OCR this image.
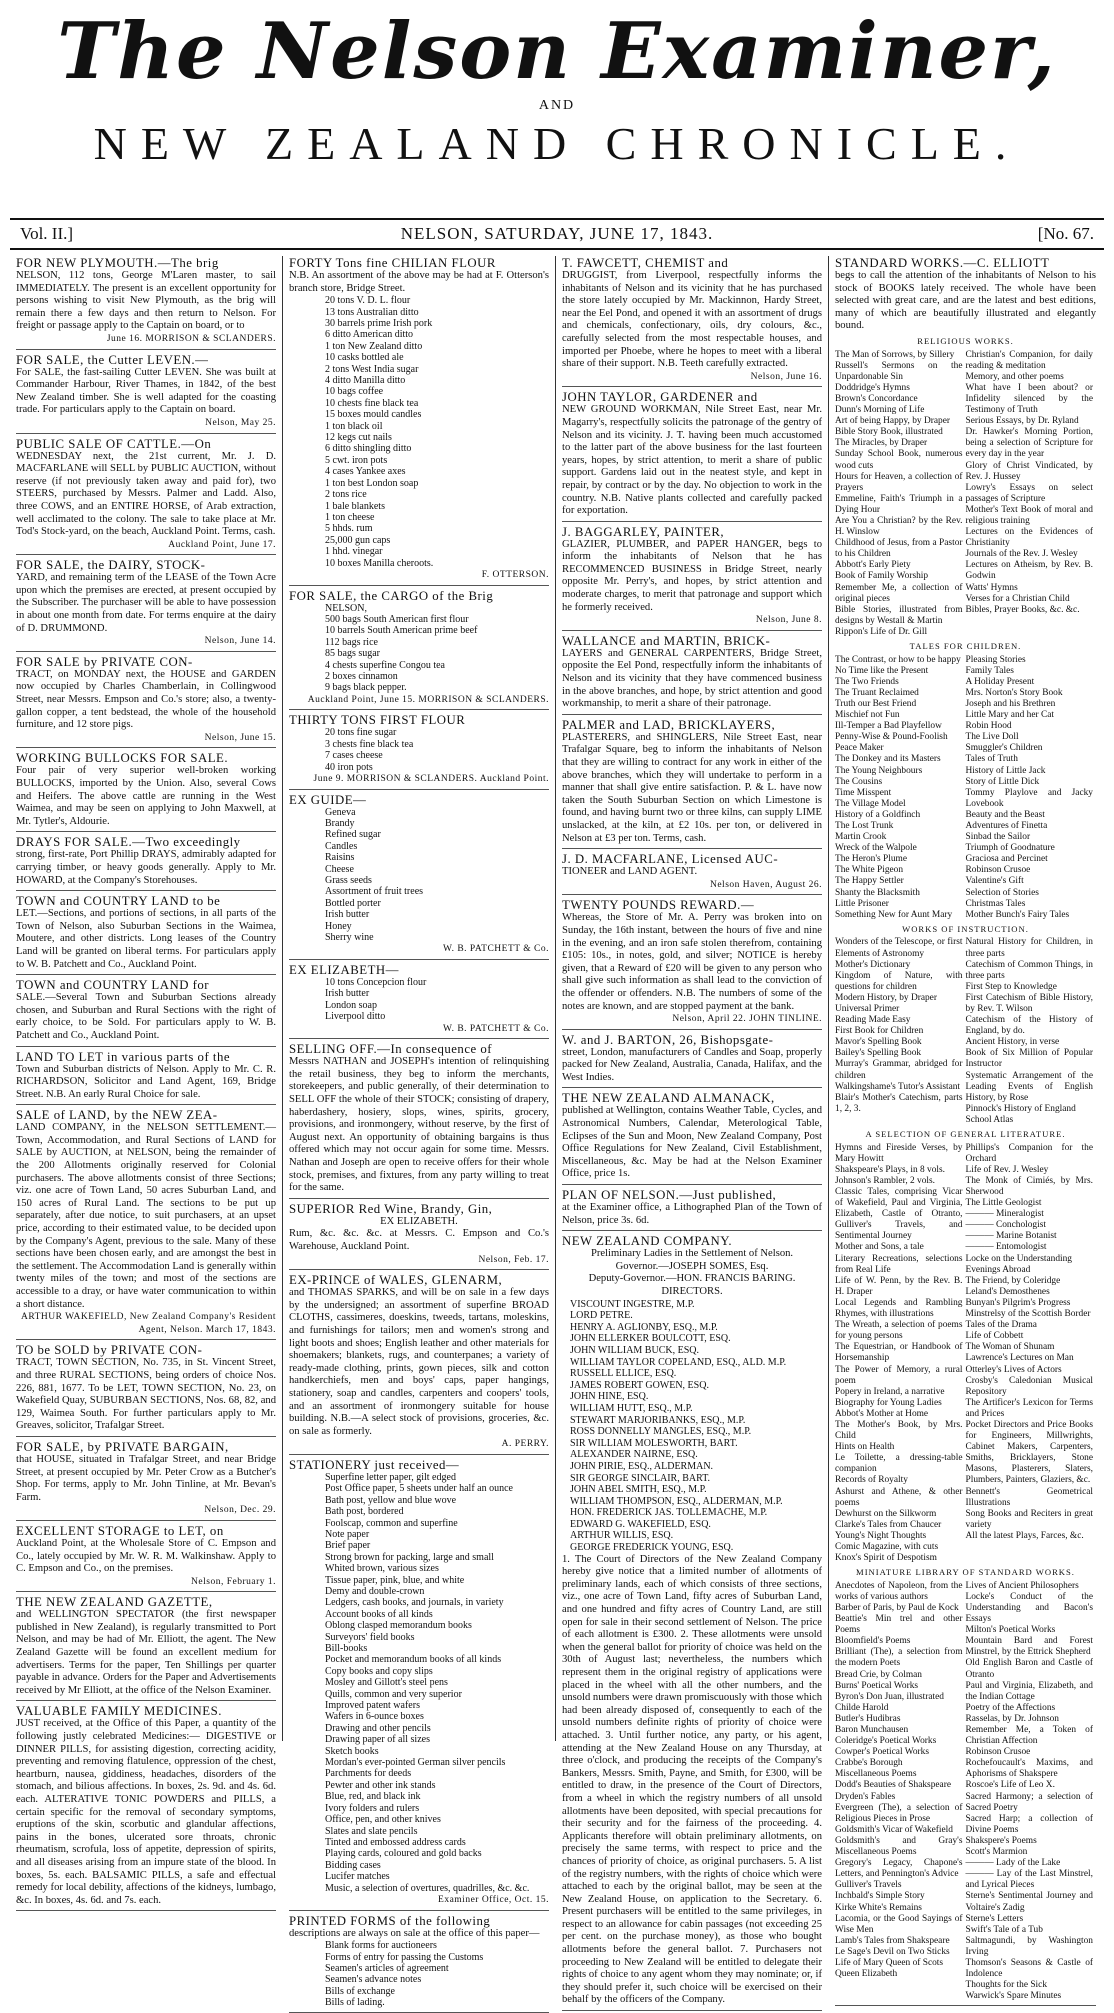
The Nelson Examiner,
AND
NEW ZEALAND CHRONICLE.
Vol. II.]	NELSON, SATURDAY, JUNE 17, 1843.	[No. 67.
FOR NEW PLYMOUTH.—The brig
NELSON, 112 tons, George M'Laren master, to sail IMMEDIATELY. The present is an excellent opportunity for persons wishing to visit New Plymouth, as the brig will remain there a few days and then return to Nelson. For freight or passage apply to the Captain on board, or to
June 16. MORRISON & SCLANDERS.
FOR SALE, the Cutter LEVEN.—
For SALE, the fast-sailing Cutter LEVEN. She was built at Commander Harbour, River Thames, in 1842, of the best New Zealand timber. She is well adapted for the coasting trade. For particulars apply to the Captain on board.
Nelson, May 25.
PUBLIC SALE OF CATTLE.—On
WEDNESDAY next, the 21st current, Mr. J. D. MACFARLANE will SELL by PUBLIC AUCTION, without reserve (if not previously taken away and paid for), two STEERS, purchased by Messrs. Palmer and Ladd. Also, three COWS, and an ENTIRE HORSE, of Arab extraction, well acclimated to the colony. The sale to take place at Mr. Tod's Stock-yard, on the beach, Auckland Point. Terms, cash.
Auckland Point, June 17.
FOR SALE, the DAIRY, STOCK-
YARD, and remaining term of the LEASE of the Town Acre upon which the premises are erected, at present occupied by the Subscriber. The purchaser will be able to have possession in about one month from date. For terms enquire at the dairy of D. DRUMMOND.
Nelson, June 14.
FOR SALE by PRIVATE CON-
TRACT, on MONDAY next, the HOUSE and GARDEN now occupied by Charles Chamberlain, in Collingwood Street, near Messrs. Empson and Co.'s store; also, a twenty-gallon copper, a tent bedstead, the whole of the household furniture, and 12 store pigs.
Nelson, June 15.
WORKING BULLOCKS FOR SALE.
Four pair of very superior well-broken working BULLOCKS, imported by the Union. Also, several Cows and Heifers. The above cattle are running in the West Waimea, and may be seen on applying to John Maxwell, at Mr. Tytler's, Aldourie.
DRAYS FOR SALE.—Two exceedingly
strong, first-rate, Port Phillip DRAYS, admirably adapted for carrying timber, or heavy goods generally. Apply to Mr. HOWARD, at the Company's Storehouses.
TOWN and COUNTRY LAND to be
LET.—Sections, and portions of sections, in all parts of the Town of Nelson, also Suburban Sections in the Waimea, Moutere, and other districts. Long leases of the Country Land will be granted on liberal terms. For particulars apply to W. B. Patchett and Co., Auckland Point.
TOWN and COUNTRY LAND for
SALE.—Several Town and Suburban Sections already chosen, and Suburban and Rural Sections with the right of early choice, to be Sold. For particulars apply to W. B. Patchett and Co., Auckland Point.
LAND TO LET in various parts of the
Town and Suburban districts of Nelson. Apply to Mr. C. R. RICHARDSON, Solicitor and Land Agent, 169, Bridge Street. N.B. An early Rural Choice for sale.
SALE of LAND, by the NEW ZEA-
LAND COMPANY, in the NELSON SETTLEMENT.—Town, Accommodation, and Rural Sections of LAND for SALE by AUCTION, at NELSON, being the remainder of the 200 Allotments originally reserved for Colonial purchasers. The above allotments consist of three Sections; viz. one acre of Town Land, 50 acres Suburban Land, and 150 acres of Rural Land. The sections to be put up separately, after due notice, to suit purchasers, at an upset price, according to their estimated value, to be decided upon by the Company's Agent, previous to the sale. Many of these sections have been chosen early, and are amongst the best in the settlement. The Accommodation Land is generally within twenty miles of the town; and most of the sections are accessible to a dray, or have water communication to within a short distance.
ARTHUR WAKEFIELD, New Zealand Company's Resident Agent, Nelson. March 17, 1843.
TO be SOLD by PRIVATE CON-
TRACT, TOWN SECTION, No. 735, in St. Vincent Street, and three RURAL SECTIONS, being orders of choice Nos. 226, 881, 1677. To be LET, TOWN SECTION, No. 23, on Wakefield Quay, SUBURBAN SECTIONS, Nos. 68, 82, and 129, Waimea South. For further particulars apply to Mr. Greaves, solicitor, Trafalgar Street.
FOR SALE, by PRIVATE BARGAIN,
that HOUSE, situated in Trafalgar Street, and near Bridge Street, at present occupied by Mr. Peter Crow as a Butcher's Shop. For terms, apply to Mr. John Tinline, at Mr. Bevan's Farm.
Nelson, Dec. 29.
EXCELLENT STORAGE to LET, on
Auckland Point, at the Wholesale Store of C. Empson and Co., lately occupied by Mr. W. R. M. Walkinshaw. Apply to C. Empson and Co., on the premises.
Nelson, February 1.
THE NEW ZEALAND GAZETTE,
and WELLINGTON SPECTATOR (the first newspaper published in New Zealand), is regularly transmitted to Port Nelson, and may be had of Mr. Elliott, the agent. The New Zealand Gazette will be found an excellent medium for advertisers. Terms for the paper, Ten Shillings per quarter payable in advance. Orders for the Paper and Advertisements received by Mr Elliott, at the office of the Nelson Examiner.
VALUABLE FAMILY MEDICINES.
JUST received, at the Office of this Paper, a quantity of the following justly celebrated Medicines:— DIGESTIVE or DINNER PILLS, for assisting digestion, correcting acidity, preventing and removing flatulence, oppression of the chest, heartburn, nausea, giddiness, headaches, disorders of the stomach, and bilious affections. In boxes, 2s. 9d. and 4s. 6d. each. ALTERATIVE TONIC POWDERS and PILLS, a certain specific for the removal of secondary symptoms, eruptions of the skin, scorbutic and glandular affections, pains in the bones, ulcerated sore throats, chronic rheumatism, scrofula, loss of appetite, depression of spirits, and all diseases arising from an impure state of the blood. In boxes, 5s. each. BALSAMIC PILLS, a safe and effectual remedy for local debility, affections of the kidneys, lumbago, &c. In boxes, 4s. 6d. and 7s. each.
FORTY Tons fine CHILIAN FLOUR
N.B. An assortment of the above may be had at F. Otterson's branch store, Bridge Street.
20 tons V. D. L. flour
13 tons Australian ditto
30 barrels prime Irish pork
6 ditto American ditto
1 ton New Zealand ditto
10 casks bottled ale
2 tons West India sugar
4 ditto Manilla ditto
10 bags coffee
10 chests fine black tea
15 boxes mould candles
1 ton black oil
12 kegs cut nails
6 ditto shingling ditto
5 cwt. iron pots
4 cases Yankee axes
1 ton best London soap
2 tons rice
1 bale blankets
1 ton cheese
5 hhds. rum
25,000 gun caps
1 hhd. vinegar
10 boxes Manilla cheroots.
F. OTTERSON.
FOR SALE, the CARGO of the Brig
NELSON,
500 bags South American first flour
10 barrels South American prime beef
112 bags rice
85 bags sugar
4 chests superfine Congou tea
2 boxes cinnamon
9 bags black pepper.
Auckland Point, June 15. MORRISON & SCLANDERS.
THIRTY TONS FIRST FLOUR
20 tons fine sugar
3 chests fine black tea
7 cases cheese
40 iron pots
June 9. MORRISON & SCLANDERS. Auckland Point.
EX GUIDE—
Geneva
Brandy
Refined sugar
Candles
Raisins
Cheese
Grass seeds
Assortment of fruit trees
Bottled porter
Irish butter
Honey
Sherry wine
W. B. PATCHETT & Co.
EX ELIZABETH—
10 tons Concepcion flour
Irish butter
London soap
Liverpool ditto
W. B. PATCHETT & Co.
SELLING OFF.—In consequence of
Messrs NATHAN and JOSEPH's intention of relinquishing the retail business, they beg to inform the merchants, storekeepers, and public generally, of their determination to SELL OFF the whole of their STOCK; consisting of drapery, haberdashery, hosiery, slops, wines, spirits, grocery, provisions, and ironmongery, without reserve, by the first of August next. An opportunity of obtaining bargains is thus offered which may not occur again for some time. Messrs. Nathan and Joseph are open to receive offers for their whole stock, premises, and fixtures, from any party willing to treat for the same.
SUPERIOR Red Wine, Brandy, Gin,
EX ELIZABETH.
Rum, &c. &c. &c. at Messrs. C. Empson and Co.'s Warehouse, Auckland Point.
Nelson, Feb. 17.
EX-PRINCE of WALES, GLENARM,
and THOMAS SPARKS, and will be on sale in a few days by the undersigned; an assortment of superfine BROAD CLOTHS, cassimeres, doeskins, tweeds, tartans, moleskins, and furnishings for tailors; men and women's strong and light boots and shoes; English leather and other materials for shoemakers; blankets, rugs, and counterpanes; a variety of ready-made clothing, prints, gown pieces, silk and cotton handkerchiefs, men and boys' caps, paper hangings, stationery, soap and candles, carpenters and coopers' tools, and an assortment of ironmongery suitable for house building. N.B.—A select stock of provisions, groceries, &c. on sale as formerly.
A. PERRY.
STATIONERY just received—
Superfine letter paper, gilt edged
Post Office paper, 5 sheets under half an ounce
Bath post, yellow and blue wove
Bath post, bordered
Foolscap, common and superfine
Note paper
Brief paper
Strong brown for packing, large and small
Whited brown, various sizes
Tissue paper, pink, blue, and white
Demy and double-crown
Ledgers, cash books, and journals, in variety
Account books of all kinds
Oblong clasped memorandum books
Surveyors' field books
Bill-books
Pocket and memorandum books of all kinds
Copy books and copy slips
Mosley and Gillott's steel pens
Quills, common and very superior
Improved patent wafers
Wafers in 6-ounce boxes
Drawing and other pencils
Drawing paper of all sizes
Sketch books
Mordan's ever-pointed German silver pencils
Parchments for deeds
Pewter and other ink stands
Blue, red, and black ink
Ivory folders and rulers
Office, pen, and other knives
Slates and slate pencils
Tinted and embossed address cards
Playing cards, coloured and gold backs
Bidding cases
Lucifer matches
Music, a selection of overtures, quadrilles, &c. &c.
Examiner Office, Oct. 15.
PRINTED FORMS of the following
descriptions are always on sale at the office of this paper—
Blank forms for auctioneers
Forms of entry for passing the Customs
Seamen's articles of agreement
Seamen's advance notes
Bills of exchange
Bills of lading.
T. FAWCETT, CHEMIST and
DRUGGIST, from Liverpool, respectfully informs the inhabitants of Nelson and its vicinity that he has purchased the store lately occupied by Mr. Mackinnon, Hardy Street, near the Eel Pond, and opened it with an assortment of drugs and chemicals, confectionary, oils, dry colours, &c., carefully selected from the most respectable houses, and imported per Phoebe, where he hopes to meet with a liberal share of their support. N.B. Teeth carefully extracted.
Nelson, June 16.
JOHN TAYLOR, GARDENER and
NEW GROUND WORKMAN, Nile Street East, near Mr. Magarry's, respectfully solicits the patronage of the gentry of Nelson and its vicinity. J. T. having been much accustomed to the latter part of the above business for the last fourteen years, hopes, by strict attention, to merit a share of public support. Gardens laid out in the neatest style, and kept in repair, by contract or by the day. No objection to work in the country. N.B. Native plants collected and carefully packed for exportation.
J. BAGGARLEY, PAINTER,
GLAZIER, PLUMBER, and PAPER HANGER, begs to inform the inhabitants of Nelson that he has RECOMMENCED BUSINESS in Bridge Street, nearly opposite Mr. Perry's, and hopes, by strict attention and moderate charges, to merit that patronage and support which he formerly received.
Nelson, June 8.
WALLANCE and MARTIN, BRICK-
LAYERS and GENERAL CARPENTERS, Bridge Street, opposite the Eel Pond, respectfully inform the inhabitants of Nelson and its vicinity that they have commenced business in the above branches, and hope, by strict attention and good workmanship, to merit a share of their patronage.
PALMER and LAD, BRICKLAYERS,
PLASTERERS, and SHINGLERS, Nile Street East, near Trafalgar Square, beg to inform the inhabitants of Nelson that they are willing to contract for any work in either of the above branches, which they will undertake to perform in a manner that shall give entire satisfaction. P. & L. have now taken the South Suburban Section on which Limestone is found, and having burnt two or three kilns, can supply LIME unslacked, at the kiln, at £2 10s. per ton, or delivered in Nelson at £3 per ton. Terms, cash.
J. D. MACFARLANE, Licensed AUC-
TIONEER and LAND AGENT.
Nelson Haven, August 26.
TWENTY POUNDS REWARD.—
Whereas, the Store of Mr. A. Perry was broken into on Sunday, the 16th instant, between the hours of five and nine in the evening, and an iron safe stolen therefrom, containing £105: 10s., in notes, gold, and silver; NOTICE is hereby given, that a Reward of £20 will be given to any person who shall give such information as shall lead to the conviction of the offender or offenders. N.B. The numbers of some of the notes are known, and are stopped payment at the bank.
Nelson, April 22. JOHN TINLINE.
W. and J. BARTON, 26, Bishopsgate-
street, London, manufacturers of Candles and Soap, properly packed for New Zealand, Australia, Canada, Halifax, and the West Indies.
THE NEW ZEALAND ALMANACK,
published at Wellington, contains Weather Table, Cycles, and Astronomical Numbers, Calendar, Meterological Table, Eclipses of the Sun and Moon, New Zealand Company, Post Office Regulations for New Zealand, Civil Establishment, Miscellaneous, &c. May be had at the Nelson Examiner Office, price 1s.
PLAN OF NELSON.—Just published,
at the Examiner office, a Lithographed Plan of the Town of Nelson, price 3s. 6d.
NEW ZEALAND COMPANY.
Preliminary Ladies in the Settlement of Nelson.
Governor.—JOSEPH SOMES, Esq.
Deputy-Governor.—HON. FRANCIS BARING.
DIRECTORS.
VISCOUNT INGESTRE, M.P.
LORD PETRE.
HENRY A. AGLIONBY, ESQ., M.P.
JOHN ELLERKER BOULCOTT, ESQ.
JOHN WILLIAM BUCK, ESQ.
WILLIAM TAYLOR COPELAND, ESQ., ALD. M.P.
RUSSELL ELLICE, ESQ.
JAMES ROBERT GOWEN, ESQ.
JOHN HINE, ESQ.
WILLIAM HUTT, ESQ., M.P.
STEWART MARJORIBANKS, ESQ., M.P.
ROSS DONNELLY MANGLES, ESQ., M.P.
SIR WILLIAM MOLESWORTH, BART.
ALEXANDER NAIRNE, ESQ.
JOHN PIRIE, ESQ., ALDERMAN.
SIR GEORGE SINCLAIR, BART.
JOHN ABEL SMITH, ESQ., M.P.
WILLIAM THOMPSON, ESQ., ALDERMAN, M.P.
HON. FREDERICK JAS. TOLLEMACHE, M.P.
EDWARD G. WAKEFIELD, ESQ.
ARTHUR WILLIS, ESQ.
GEORGE FREDERICK YOUNG, ESQ.
1. The Court of Directors of the New Zealand Company hereby give notice that a limited number of allotments of preliminary lands, each of which consists of three sections, viz., one acre of Town Land, fifty acres of Suburban Land, and one hundred and fifty acres of Country Land, are still open for sale in their second settlement of Nelson. The price of each allotment is £300. 2. These allotments were unsold when the general ballot for priority of choice was held on the 30th of August last; nevertheless, the numbers which represent them in the original registry of applications were placed in the wheel with all the other numbers, and the unsold numbers were drawn promiscuously with those which had been already disposed of, consequently to each of the unsold numbers definite rights of priority of choice were attached. 3. Until further notice, any party, or his agent, attending at the New Zealand House on any Thursday, at three o'clock, and producing the receipts of the Company's Bankers, Messrs. Smith, Payne, and Smith, for £300, will be entitled to draw, in the presence of the Court of Directors, from a wheel in which the registry numbers of all unsold allotments have been deposited, with special precautions for their security and for the fairness of the proceeding. 4. Applicants therefore will obtain preliminary allotments, on precisely the same terms, with respect to price and the chances of priority of choice, as original purchasers. 5. A list of the registry numbers, with the rights of choice which were attached to each by the original ballot, may be seen at the New Zealand House, on application to the Secretary. 6. Present purchasers will be entitled to the same privileges, in respect to an allowance for cabin passages (not exceeding 25 per cent. on the purchase money), as those who bought allotments before the general ballot. 7. Purchasers not proceeding to New Zealand will be entitled to delegate their rights of choice to any agent whom they may nominate; or, if they should prefer it, such choice will be exercised on their behalf by the officers of the Company.
STANDARD WORKS.—C. ELLIOTT
begs to call the attention of the inhabitants of Nelson to his stock of BOOKS lately received. The whole have been selected with great care, and are the latest and best editions, many of which are beautifully illustrated and elegantly bound.
RELIGIOUS WORKS.
The Man of Sorrows, by Sillery
Russell's Sermons on the Unpardonable Sin
Doddridge's Hymns
Brown's Concordance
Dunn's Morning of Life
Art of being Happy, by Draper
Bible Story Book, illustrated
The Miracles, by Draper
Sunday School Book, numerous wood cuts
Hours for Heaven, a collection of Prayers
Emmeline, Faith's Triumph in a Dying Hour
Are You a Christian? by the Rev. H. Winslow
Childhood of Jesus, from a Pastor to his Children
Abbott's Early Piety
Book of Family Worship
Remember Me, a collection of original pieces
Bible Stories, illustrated from designs by Westall & Martin
Rippon's Life of Dr. Gill
Christian's Companion, for daily reading & meditation
Memory, and other poems
What have I been about? or Infidelity silenced by the Testimony of Truth
Serious Essays, by Dr. Ryland
Dr. Hawker's Morning Portion, being a selection of Scripture for every day in the year
Glory of Christ Vindicated, by Rev. J. Hussey
Lowry's Essays on select passages of Scripture
Mother's Text Book of moral and religious training
Lectures on the Evidences of Christianity
Journals of the Rev. J. Wesley
Lectures on Atheism, by Rev. B. Godwin
Watts' Hymns
Verses for a Christian Child
Bibles, Prayer Books, &c. &c.
TALES FOR CHILDREN.
The Contrast, or how to be happy
No Time like the Present
The Two Friends
The Truant Reclaimed
Truth our Best Friend
Mischief not Fun
Ill-Temper a Bad Playfellow
Penny-Wise & Pound-Foolish
Peace Maker
The Donkey and its Masters
The Young Neighbours
The Cousins
Time Misspent
The Village Model
History of a Goldfinch
The Lost Trunk
Martin Crook
Wreck of the Walpole
The Heron's Plume
The White Pigeon
The Happy Settler
Shanty the Blacksmith
Little Prisoner
Something New for Aunt Mary
Pleasing Stories
Family Tales
A Holiday Present
Mrs. Norton's Story Book
Joseph and his Brethren
Little Mary and her Cat
Robin Hood
The Live Doll
Smuggler's Children
Tales of Truth
History of Little Jack
Story of Little Dick
Tommy Playlove and Jacky Lovebook
Beauty and the Beast
Adventures of Finetta
Sinbad the Sailor
Triumph of Goodnature
Graciosa and Percinet
Robinson Crusoe
Valentine's Gift
Selection of Stories
Christmas Tales
Mother Bunch's Fairy Tales
WORKS OF INSTRUCTION.
Wonders of the Telescope, or first Elements of Astronomy
Mother's Dictionary
Kingdom of Nature, with questions for children
Modern History, by Draper
Universal Primer
Reading Made Easy
First Book for Children
Mavor's Spelling Book
Bailey's Spelling Book
Murray's Grammar, abridged for children
Walkingshame's Tutor's Assistant
Blair's Mother's Catechism, parts 1, 2, 3.
Natural History for Children, in three parts
Catechism of Common Things, in three parts
First Step to Knowledge
First Catechism of Bible History, by Rev. T. Wilson
Catechism of the History of England, by do.
Ancient History, in verse
Book of Six Million of Popular Instructor
Systematic Arrangement of the Leading Events of English History, by Rose
Pinnock's History of England
School Atlas
A SELECTION OF GENERAL LITERATURE.
Hymns and Fireside Verses, by Mary Howitt
Shakspeare's Plays, in 8 vols.
Johnson's Rambler, 2 vols.
Classic Tales, comprising Vicar of Wakefield, Paul and Virginia, Elizabeth, Castle of Otranto, Gulliver's Travels, and Sentimental Journey
Mother and Sons, a tale
Literary Recreations, selections from Real Life
Life of W. Penn, by the Rev. B. H. Draper
Local Legends and Rambling Rhymes, with illustrations
The Wreath, a selection of poems for young persons
The Equestrian, or Handbook of Horsemanship
The Power of Memory, a rural poem
Popery in Ireland, a narrative
Biography for Young Ladies
Abbot's Mother at Home
The Mother's Book, by Mrs. Child
Hints on Health
Le Toilette, a dressing-table companion
Records of Royalty
Ashurst and Athene, & other poems
Dewhurst on the Silkworm
Clarke's Tales from Chaucer
Young's Night Thoughts
Comic Magazine, with cuts
Knox's Spirit of Despotism
Phillips's Companion for the Orchard
Life of Rev. J. Wesley
The Monk of Cimiés, by Mrs. Sherwood
The Little Geologist
——— Mineralogist
——— Conchologist
——— Marine Botanist
——— Entomologist
Locke on the Understanding
Evenings Abroad
The Friend, by Coleridge
Leland's Demosthenes
Bunyan's Pilgrim's Progress
Minstrelsy of the Scottish Border
Tales of the Drama
Life of Cobbett
The Woman of Shunam
Lawrence's Lectures on Man
Otterley's Lives of Actors
Crosby's Caledonian Musical Repository
The Artificer's Lexicon for Terms and Prices
Pocket Directors and Price Books for Engineers, Millwrights, Cabinet Makers, Carpenters, Smiths, Bricklayers, Stone Masons, Plasterers, Slaters, Plumbers, Painters, Glaziers, &c.
Bennett's Geometrical Illustrations
Song Books and Reciters in great variety
All the latest Plays, Farces, &c.
MINIATURE LIBRARY OF STANDARD WORKS.
Anecdotes of Napoleon, from the works of various authors
Barber of Paris, by Paul de Kock
Beattie's Min trel and other Poems
Bloomfield's Poems
Brilliant (The), a selection from the modern Poets
Bread Crie, by Colman
Burns' Poetical Works
Byron's Don Juan, illustrated
Childe Harold
Butler's Hudibras
Baron Munchausen
Coleridge's Poetical Works
Cowper's Poetical Works
Crabbe's Borough
Miscellaneous Poems
Dodd's Beauties of Shakspeare
Dryden's Fables
Evergreen (The), a selection of Religious Pieces in Prose
Goldsmith's Vicar of Wakefield
Goldsmith's and Gray's Miscellaneous Poems
Gregory's Legacy, Chapone's Letters, and Pennington's Advice
Gulliver's Travels
Inchbald's Simple Story
Kirke White's Remains
Lacomia, or the Good Sayings of Wise Men
Lamb's Tales from Shakspeare
Le Sage's Devil on Two Sticks
Life of Mary Queen of Scots
Queen Elizabeth
Lives of Ancient Philosophers
Locke's Conduct of the Understanding and Bacon's Essays
Milton's Poetical Works
Mountain Bard and Forest Minstrel, by the Ettrick Shepherd
Old English Baron and Castle of Otranto
Paul and Virginia, Elizabeth, and the Indian Cottage
Poetry of the Affections
Rasselas, by Dr. Johnson
Remember Me, a Token of Christian Affection
Robinson Crusoe
Rochefoucault's Maxims, and Aphorisms of Shakspere
Roscoe's Life of Leo X.
Sacred Harmony; a selection of Sacred Poetry
Sacred Harp; a collection of Divine Poems
Shakspere's Poems
Scott's Marmion
——— Lady of the Lake
——— Lay of the Last Minstrel, and Lyrical Pieces
Sterne's Sentimental Journey and Voltaire's Zadig
Sterne's Letters
Swift's Tale of a Tub
Saltmagundi, by Washington Irving
Thomson's Seasons & Castle of Indolence
Thoughts for the Sick
Warwick's Spare Minutes
